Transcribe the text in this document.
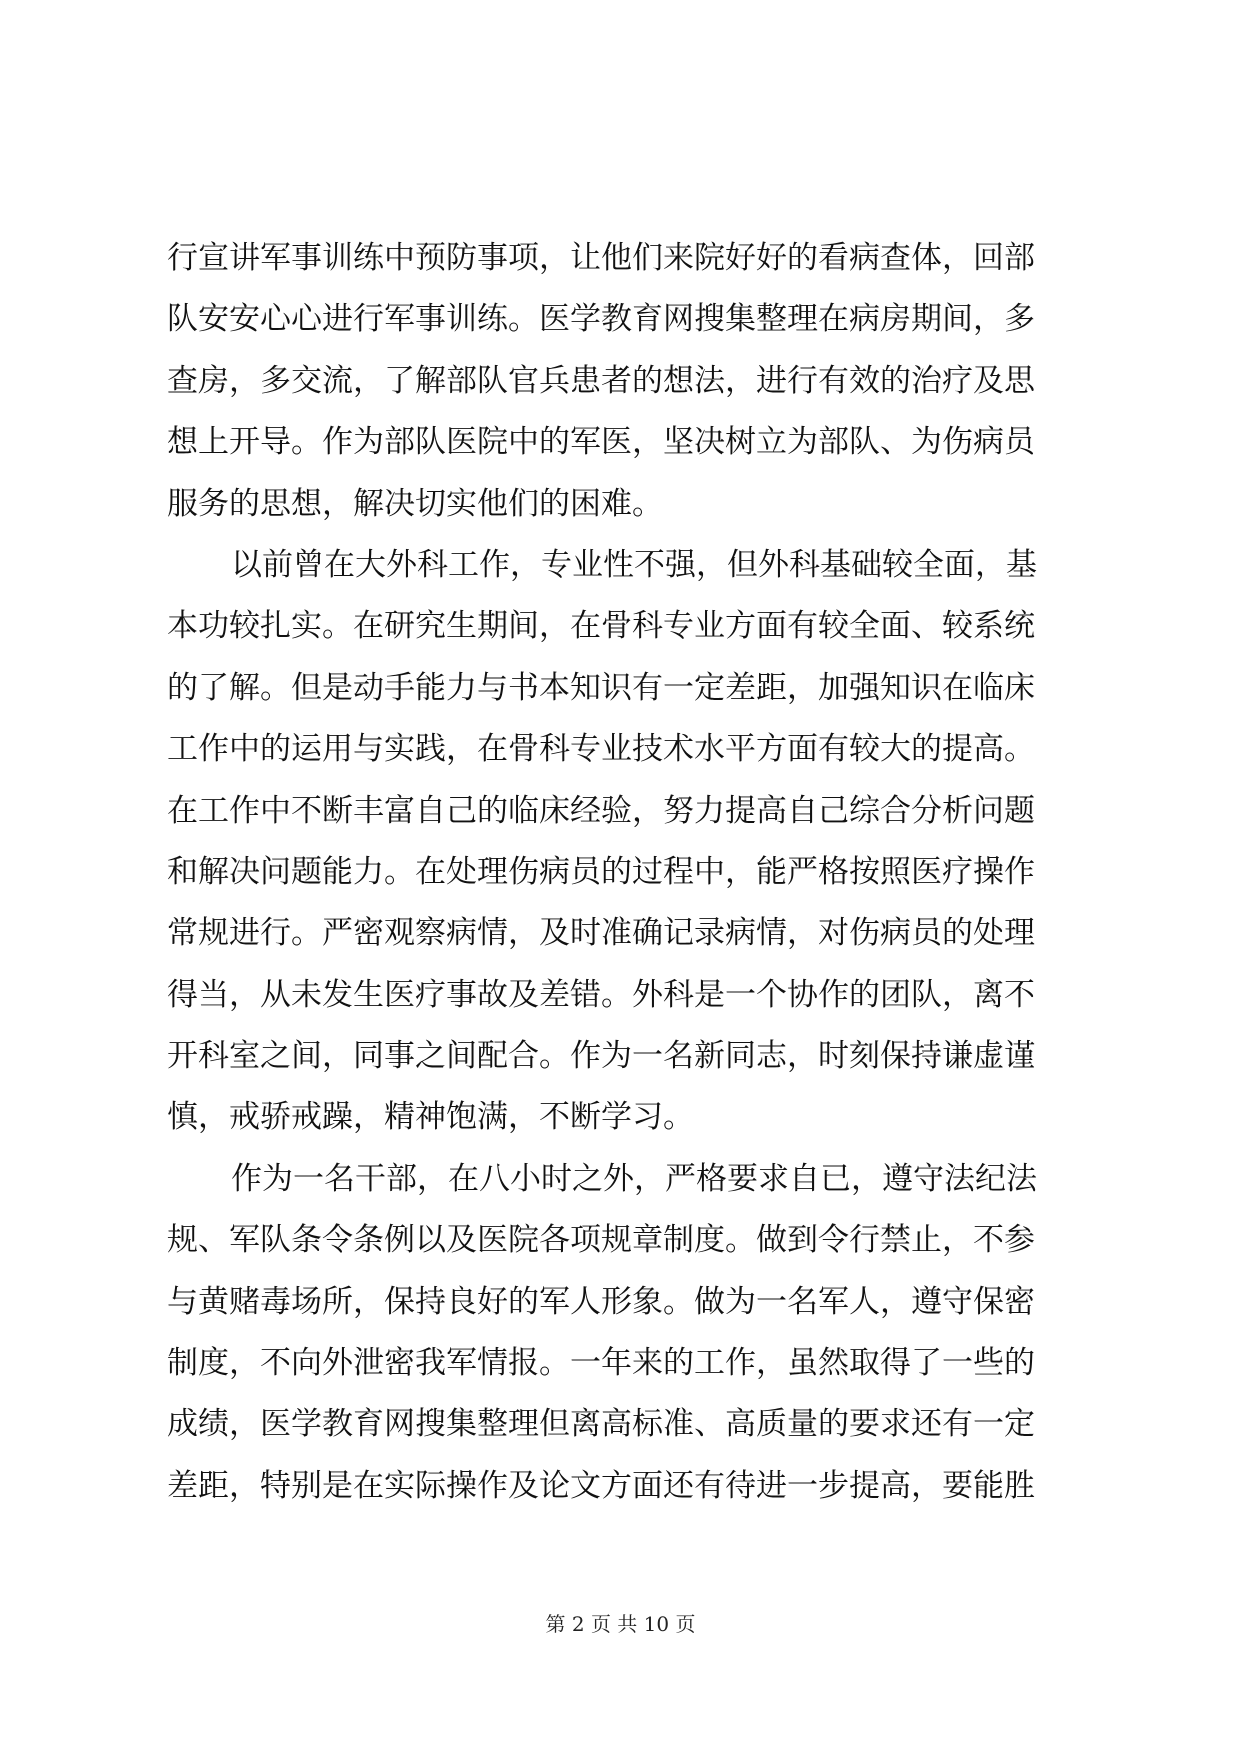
行宣讲军事训练中预防事项，让他们来院好好的看病查体，回部
队安安心心进行军事训练。医学教育网搜集整理在病房期间，多
查房，多交流，了解部队官兵患者的想法，进行有效的治疗及思
想上开导。作为部队医院中的军医，坚决树立为部队、为伤病员
服务的思想，解决切实他们的困难。
以前曾在大外科工作，专业性不强，但外科基础较全面，基
本功较扎实。在研究生期间，在骨科专业方面有较全面、较系统
的了解。但是动手能力与书本知识有一定差距，加强知识在临床
工作中的运用与实践，在骨科专业技术水平方面有较大的提高。
在工作中不断丰富自己的临床经验，努力提高自己综合分析问题
和解决问题能力。在处理伤病员的过程中，能严格按照医疗操作
常规进行。严密观察病情，及时准确记录病情，对伤病员的处理
得当，从未发生医疗事故及差错。外科是一个协作的团队，离不
开科室之间，同事之间配合。作为一名新同志，时刻保持谦虚谨
慎，戒骄戒躁，精神饱满，不断学习。
作为一名干部，在八小时之外，严格要求自已，遵守法纪法
规、军队条令条例以及医院各项规章制度。做到令行禁止，不参
与黄赌毒场所，保持良好的军人形象。做为一名军人，遵守保密
制度，不向外泄密我军情报。一年来的工作，虽然取得了一些的
成绩，医学教育网搜集整理但离高标准、高质量的要求还有一定
差距，特别是在实际操作及论文方面还有待进一步提高，要能胜
第 2 页 共 10 页
